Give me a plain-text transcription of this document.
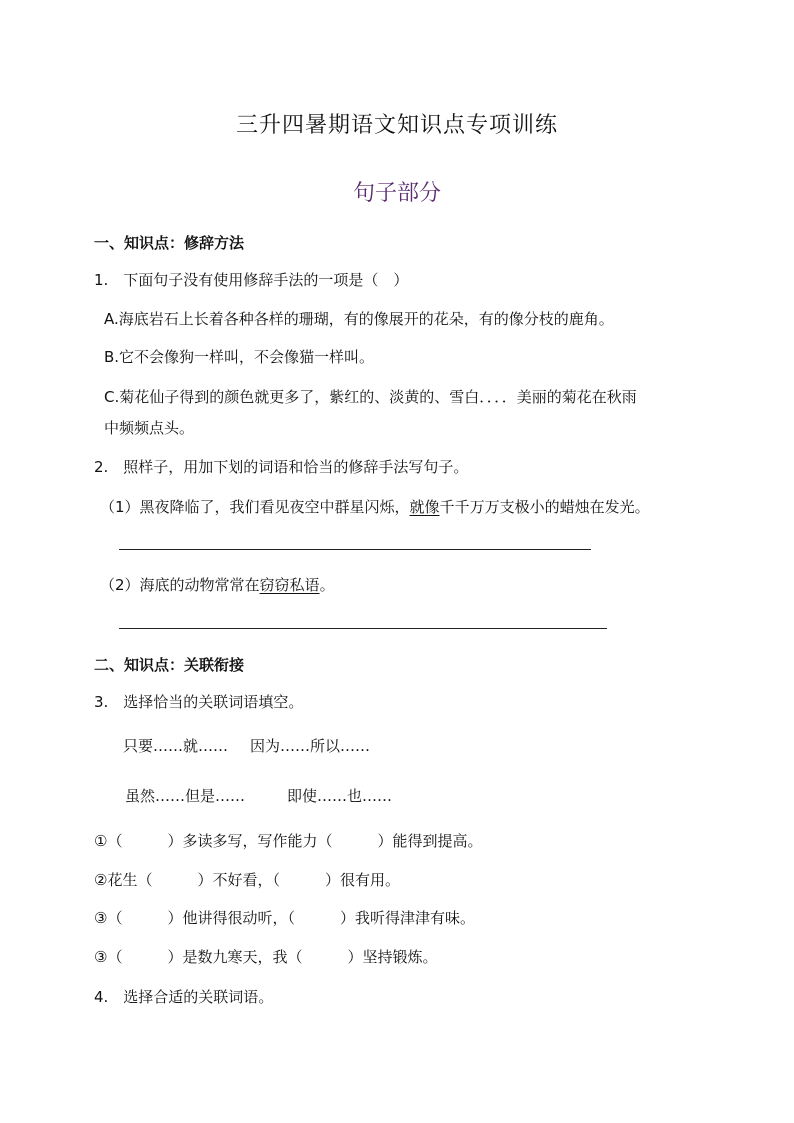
三升四暑期语文知识点专项训练
句子部分
一、知识点：修辞方法
1.　下面句子没有使用修辞手法的一项是（　）
A.海底岩石上长着各种各样的珊瑚，有的像展开的花朵，有的像分枝的鹿角。
B.它不会像狗一样叫，不会像猫一样叫。
C.菊花仙子得到的颜色就更多了，紫红的、淡黄的、雪白．．．．美丽的菊花在秋雨
中频频点头。
2.　照样子，用加下划的词语和恰当的修辞手法写句子。
（1）黑夜降临了，我们看见夜空中群星闪烁，就像千千万万支极小的蜡烛在发光。
（2）海底的动物常常在窃窃私语。
二、知识点：关联衔接
3.　选择恰当的关联词语填空。
只要……就…… 因为……所以……
虽然……但是……	即使……也……
①（　　　）多读多写，写作能力（　　　）能得到提高。
②花生（　　　）不好看，（　　　）很有用。
③（　　　）他讲得很动听，（　　　）我听得津津有味。
③（　　　）是数九寒天，我（　　　）坚持锻炼。
4.　选择合适的关联词语。
